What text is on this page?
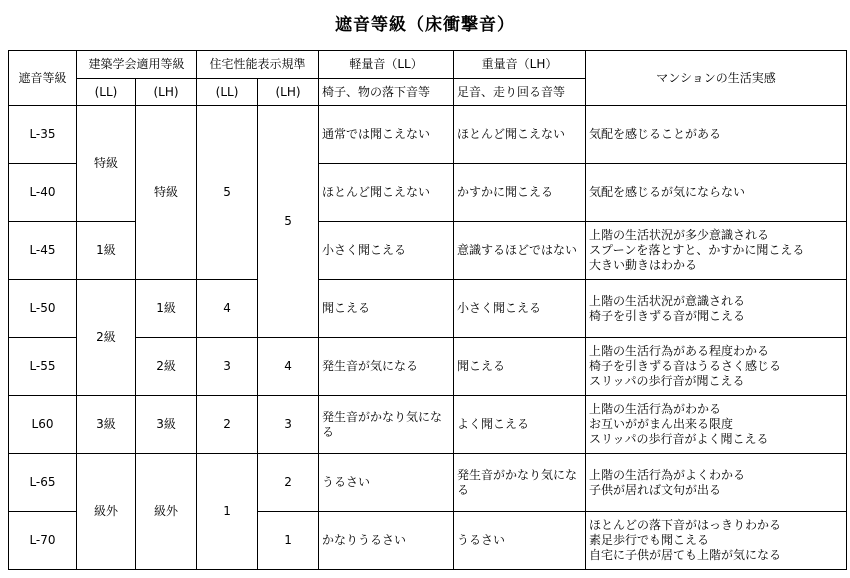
遮音等級（床衝撃音）
遮音等級	建築学会適用等級		住宅性能表示規準		軽量音（LL）	重量音（LH）	マンションの生活実感
	(LL)	(LH)	(LL)	(LH)	椅子、物の落下音等	足音、走り回る音等	
L-35	特級	特級	5	5	通常では聞こえない	ほとんど聞こえない	気配を感じることがある

L-40					ほとんど聞こえない	かすかに聞こえる	気配を感じるが気にならない

L-45	1級				小さく聞こえる	意識するほどではない	上階の生活状況が多少意識される
スプーンを落とすと、かすかに聞こえる
大きい動きはわかる

L-50	2級	1級	4		聞こえる	小さく聞こえる	上階の生活状況が意識される
椅子を引きずる音が聞こえる

L-55		2級	3	4	発生音が気になる	聞こえる	上階の生活行為がある程度わかる
椅子を引きずる音はうるさく感じる
スリッパの歩行音が聞こえる

L60	3級	3級	2	3	発生音がかなり気になる	よく聞こえる	上階の生活行為がわかる
お互いががまん出来る限度
スリッパの歩行音がよく聞こえる

L-65	級外	級外	1	2	うるさい	発生音がかなり気になる	上階の生活行為がよくわかる
子供が居れば文句が出る

L-70				1	かなりうるさい	うるさい	ほとんどの落下音がはっきりわかる
素足歩行でも聞こえる
自宅に子供が居ても上階が気になる
